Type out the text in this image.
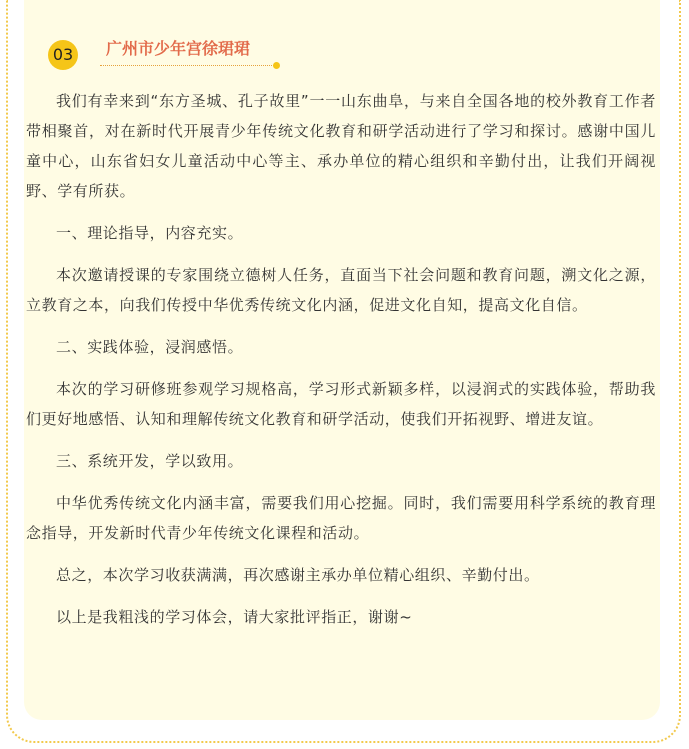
03	广州市少年宫徐珺珺

我们有幸来到“东方圣城、孔子故里”一一山东曲阜，与来自全国各地的校外教育工作者带相聚首，对在新时代开展青少年传统文化教育和研学活动进行了学习和探讨。感谢中国儿童中心，山东省妇女儿童活动中心等主、承办单位的精心组织和辛勤付出，让我们开阔视野、学有所获。

一、理论指导，内容充实。

本次邀请授课的专家围绕立德树人任务，直面当下社会问题和教育问题，溯文化之源，立教育之本，向我们传授中华优秀传统文化内涵，促进文化自知，提高文化自信。

二、实践体验，浸润感悟。

本次的学习研修班参观学习规格高，学习形式新颖多样，以浸润式的实践体验，帮助我们更好地感悟、认知和理解传统文化教育和研学活动，使我们开拓视野、增进友谊。

三、系统开发，学以致用。

中华优秀传统文化内涵丰富，需要我们用心挖掘。同时，我们需要用科学系统的教育理念指导，开发新时代青少年传统文化课程和活动。

总之，本次学习收获满满，再次感谢主承办单位精心组织、辛勤付出。

以上是我粗浅的学习体会，请大家批评指正，谢谢~
